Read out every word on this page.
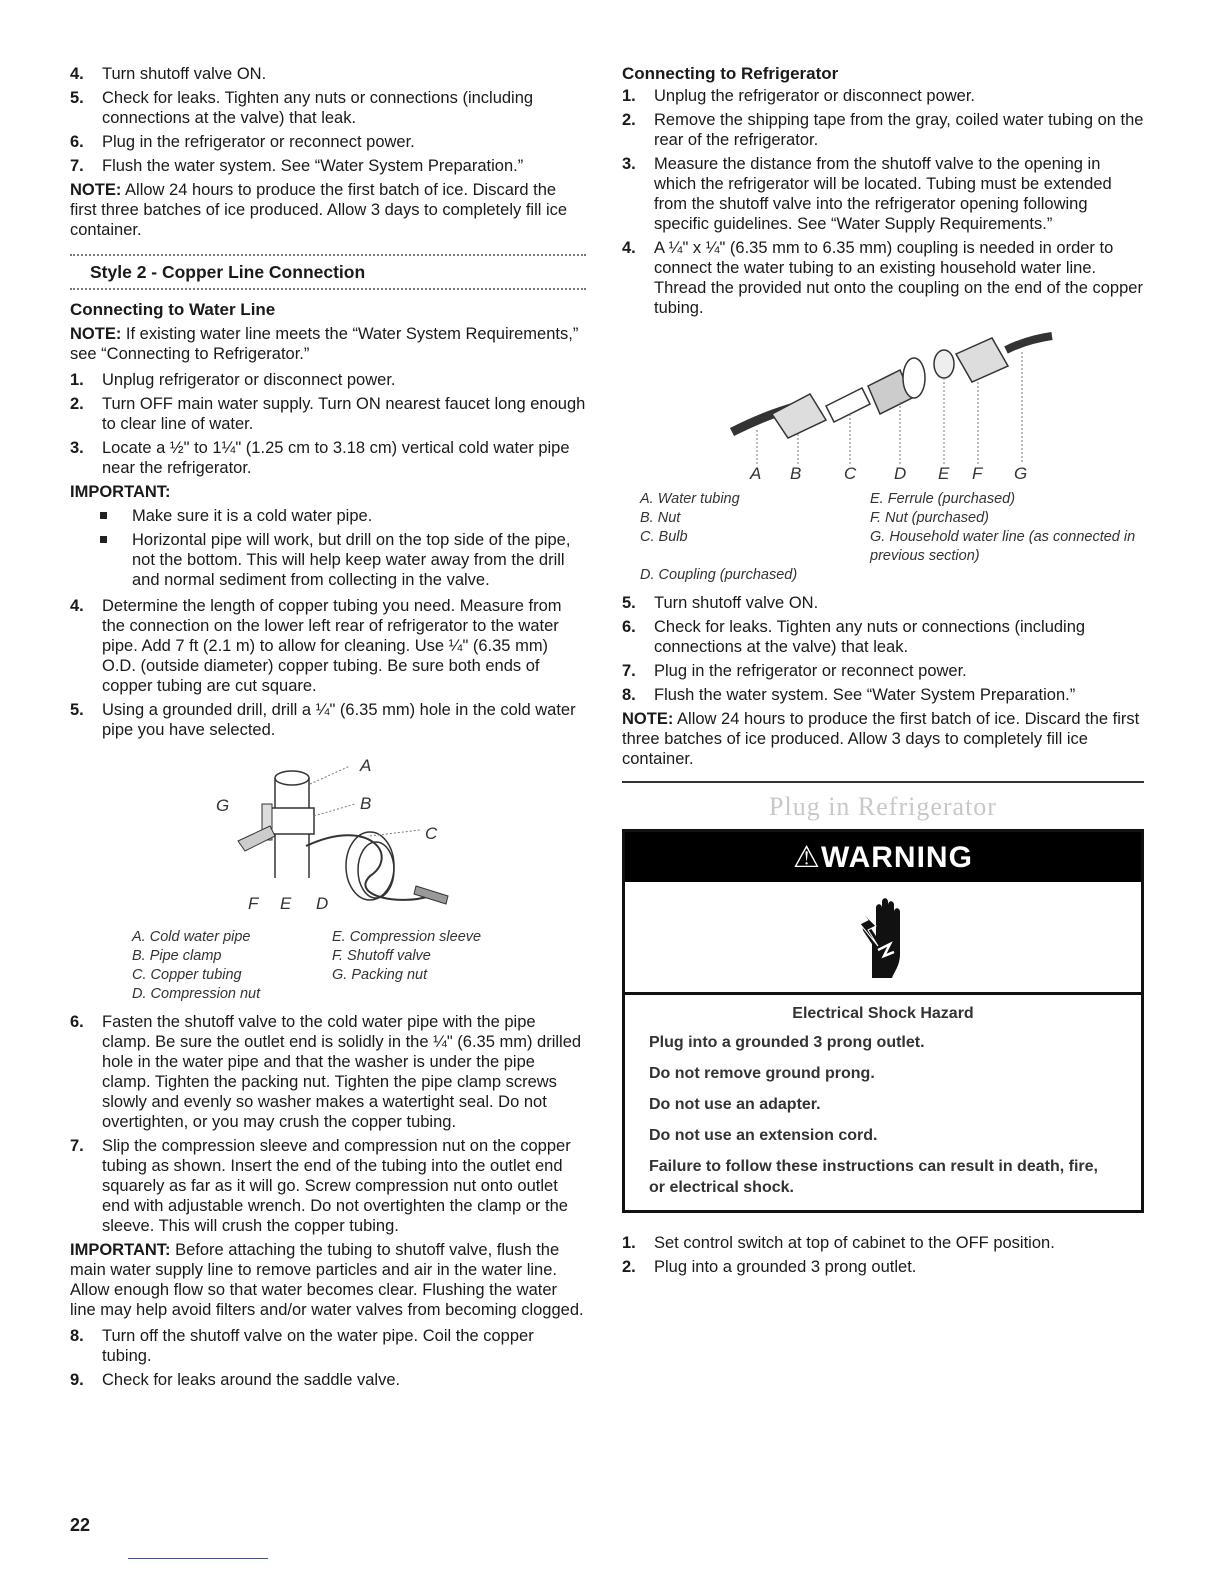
4. Turn shutoff valve ON.
5. Check for leaks. Tighten any nuts or connections (including connections at the valve) that leak.
6. Plug in the refrigerator or reconnect power.
7. Flush the water system. See “Water System Preparation.”
NOTE: Allow 24 hours to produce the first batch of ice. Discard the first three batches of ice produced. Allow 3 days to completely fill ice container.
Style 2 - Copper Line Connection
Connecting to Water Line
NOTE: If existing water line meets the “Water System Requirements,” see “Connecting to Refrigerator.”
1. Unplug refrigerator or disconnect power.
2. Turn OFF main water supply. Turn ON nearest faucet long enough to clear line of water.
3. Locate a ½" to 1¼" (1.25 cm to 3.18 cm) vertical cold water pipe near the refrigerator.
IMPORTANT:
Make sure it is a cold water pipe.
Horizontal pipe will work, but drill on the top side of the pipe, not the bottom. This will help keep water away from the drill and normal sediment from collecting in the valve.
4. Determine the length of copper tubing you need. Measure from the connection on the lower left rear of refrigerator to the water pipe. Add 7 ft (2.1 m) to allow for cleaning. Use ¼" (6.35 mm) O.D. (outside diameter) copper tubing. Be sure both ends of copper tubing are cut square.
5. Using a grounded drill, drill a ¼" (6.35 mm) hole in the cold water pipe you have selected.
A
B
C
G
F E D
A. Cold water pipe	E. Compression sleeve
B. Pipe clamp	F. Shutoff valve
C. Copper tubing	G. Packing nut
D. Compression nut
6. Fasten the shutoff valve to the cold water pipe with the pipe clamp. Be sure the outlet end is solidly in the ¼" (6.35 mm) drilled hole in the water pipe and that the washer is under the pipe clamp. Tighten the packing nut. Tighten the pipe clamp screws slowly and evenly so washer makes a watertight seal. Do not overtighten, or you may crush the copper tubing.
7. Slip the compression sleeve and compression nut on the copper tubing as shown. Insert the end of the tubing into the outlet end squarely as far as it will go. Screw compression nut onto outlet end with adjustable wrench. Do not overtighten the clamp or the sleeve. This will crush the copper tubing.
IMPORTANT: Before attaching the tubing to shutoff valve, flush the main water supply line to remove particles and air in the water line. Allow enough flow so that water becomes clear. Flushing the water line may help avoid filters and/or water valves from becoming clogged.
8. Turn off the shutoff valve on the water pipe. Coil the copper tubing.
9. Check for leaks around the saddle valve.
Connecting to Refrigerator
1. Unplug the refrigerator or disconnect power.
2. Remove the shipping tape from the gray, coiled water tubing on the rear of the refrigerator.
3. Measure the distance from the shutoff valve to the opening in which the refrigerator will be located. Tubing must be extended from the shutoff valve into the refrigerator opening following specific guidelines. See “Water Supply Requirements.”
4. A ¼" x ¼" (6.35 mm to 6.35 mm) coupling is needed in order to connect the water tubing to an existing household water line. Thread the provided nut onto the coupling on the end of the copper tubing.
A B	C D E F G
A. Water tubing	E. Ferrule (purchased)
B. Nut	F. Nut (purchased)
C. Bulb	G. Household water line (as connected in previous section)
D. Coupling (purchased)
5. Turn shutoff valve ON.
6. Check for leaks. Tighten any nuts or connections (including connections at the valve) that leak.
7. Plug in the refrigerator or reconnect power.
8. Flush the water system. See “Water System Preparation.”
NOTE: Allow 24 hours to produce the first batch of ice. Discard the first three batches of ice produced. Allow 3 days to completely fill ice container.
Plug in Refrigerator
⚠WARNING
Electrical Shock Hazard

Plug into a grounded 3 prong outlet.

Do not remove ground prong.

Do not use an adapter.

Do not use an extension cord.

Failure to follow these instructions can result in death, fire, or electrical shock.

1. Set control switch at top of cabinet to the OFF position.
2. Plug into a grounded 3 prong outlet.
22
